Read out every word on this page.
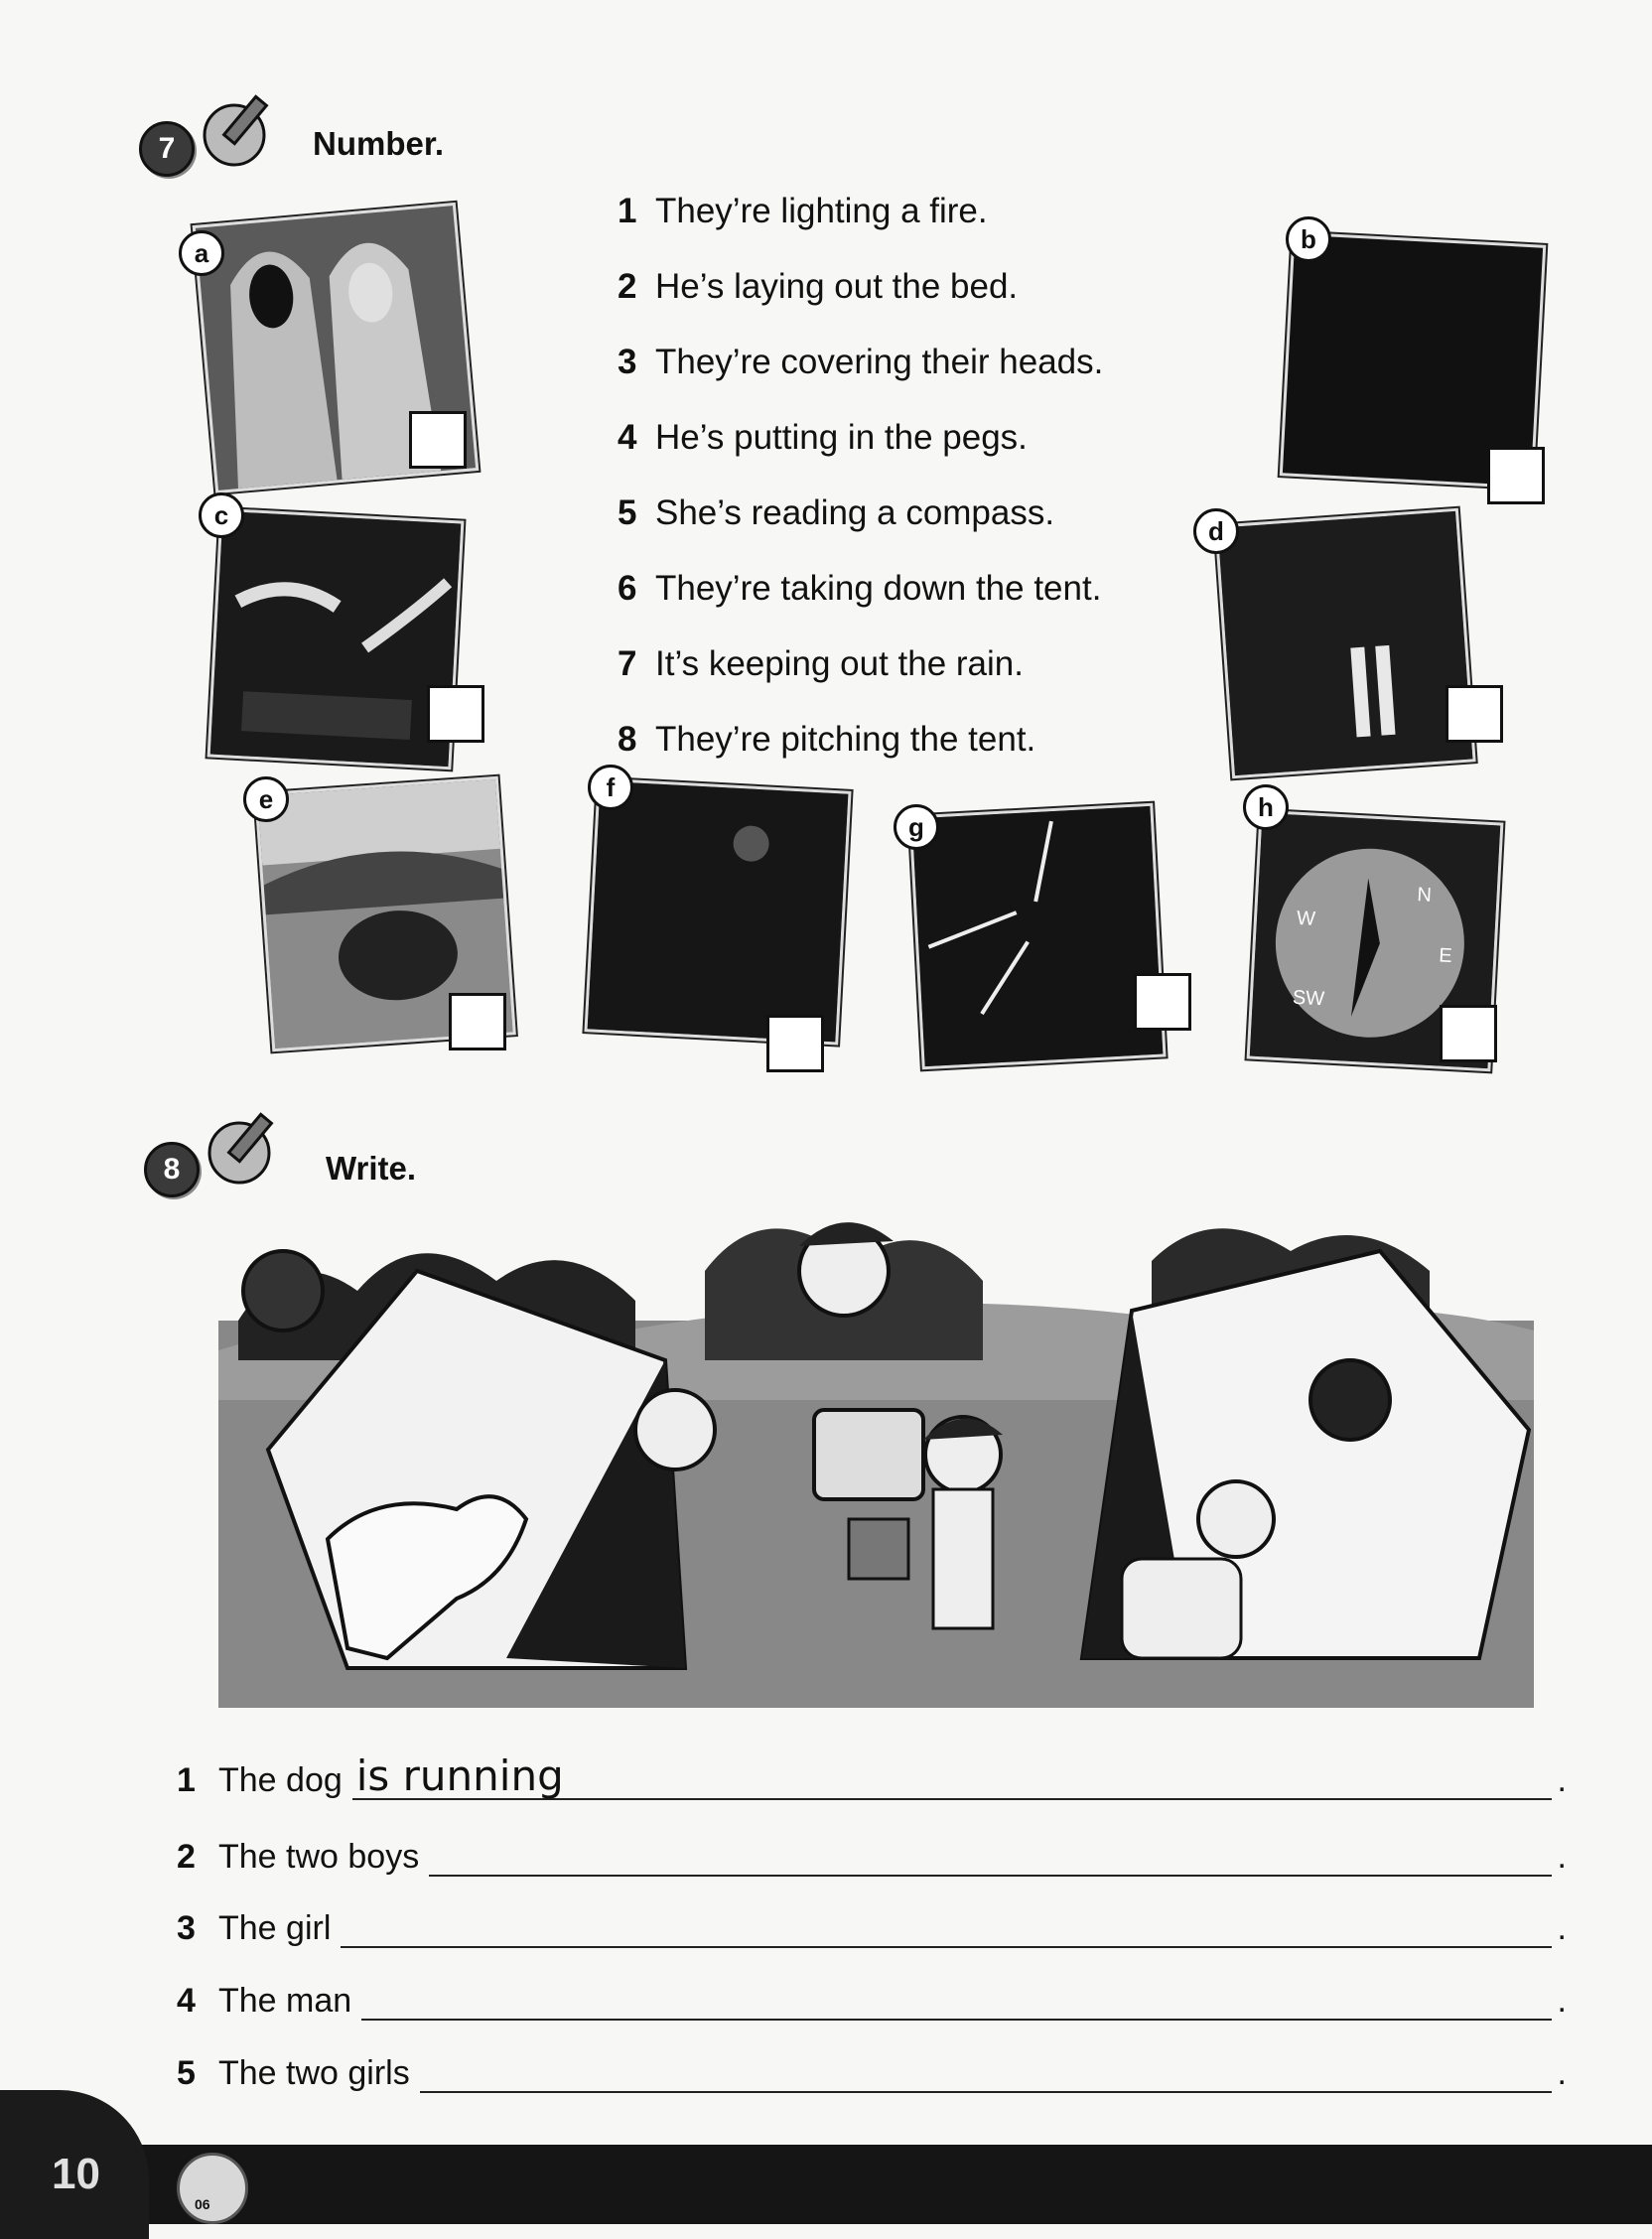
7	Number.
a	b
c
d
e	f
g
W
N
E
SW
h
1 They’re lighting a fire.
2 He’s laying out the bed.
3 They’re covering their heads.
4 He’s putting in the pegs.
5 She’s reading a compass.
6 They’re taking down the tent.
7 It’s keeping out the rain.
8 They’re pitching the tent.
8	Write.
1 The dog is running	.
2 The two boys	.
3 The girl	.
4 The man	.
5 The two girls	.
10
06
